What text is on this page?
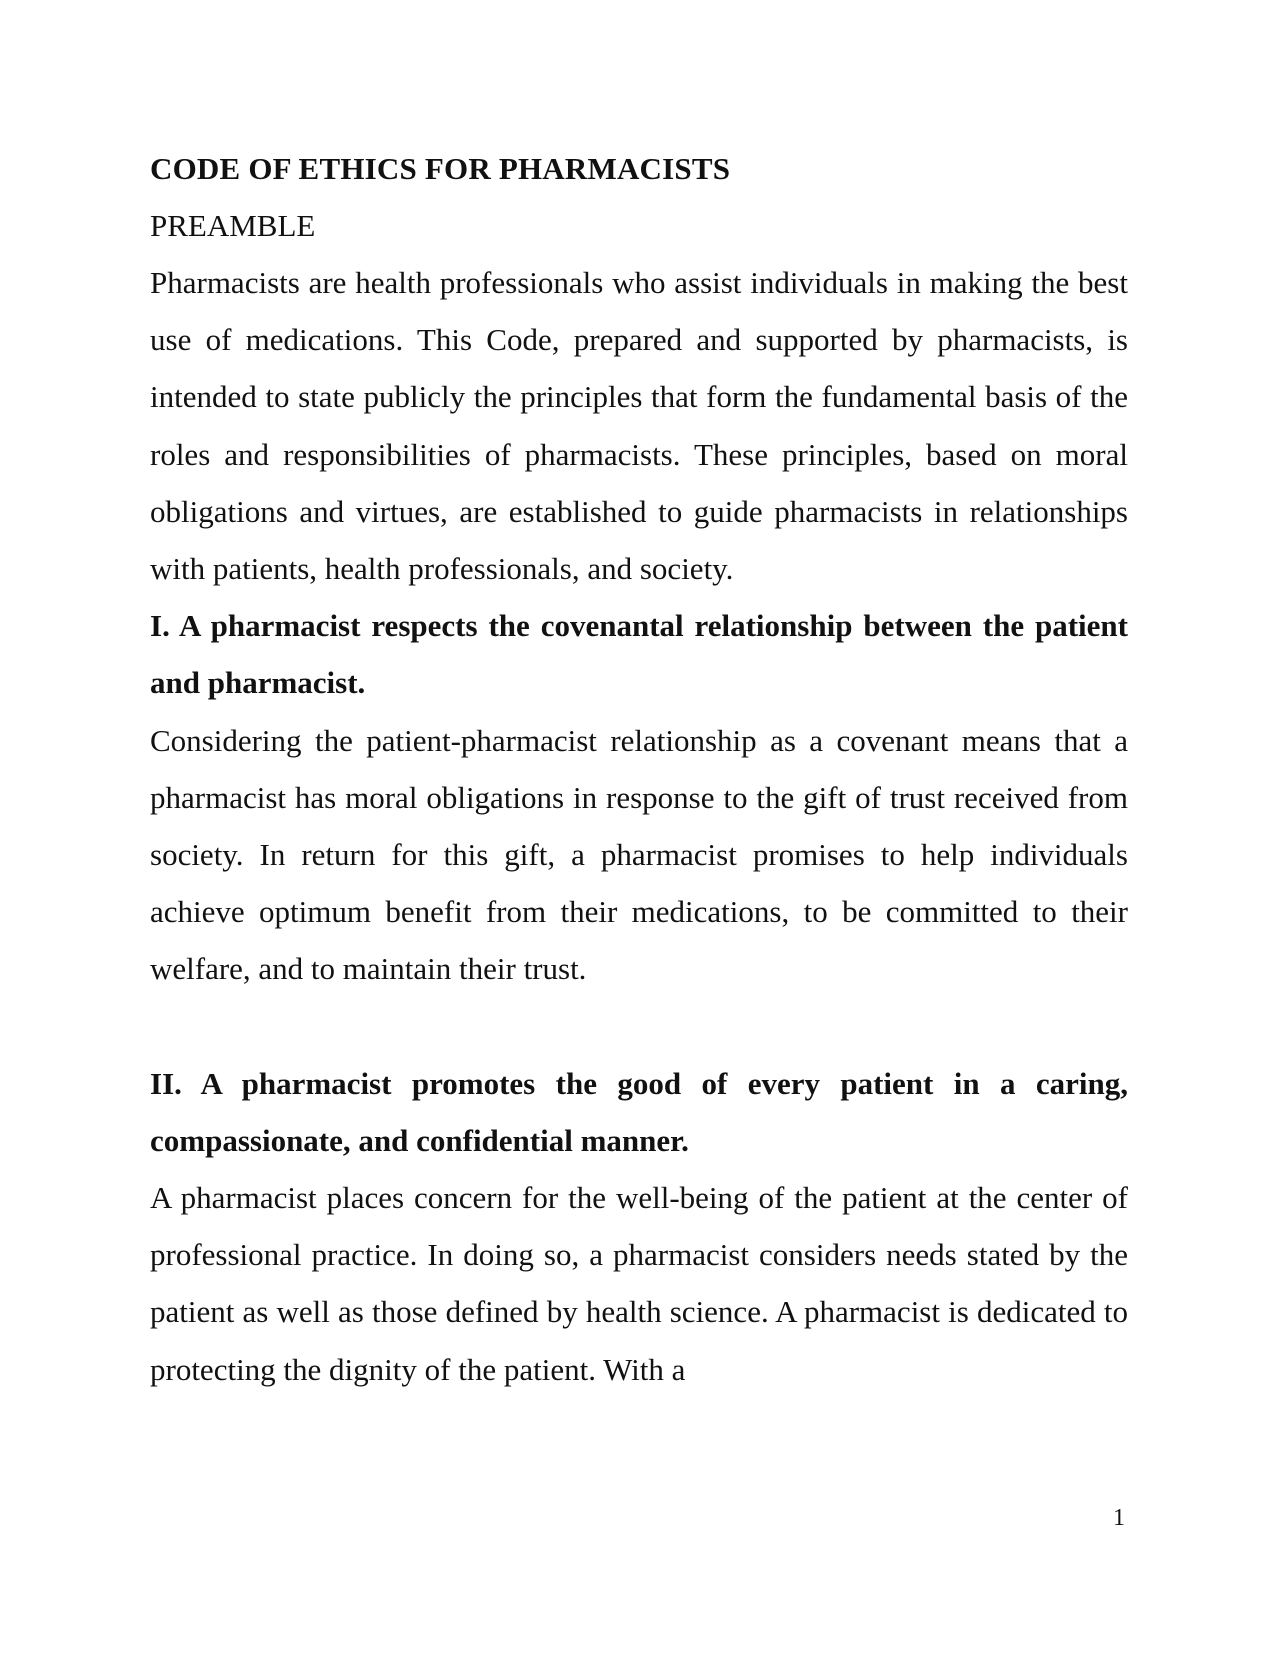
CODE OF ETHICS FOR PHARMACISTS

PREAMBLE

Pharmacists are health professionals who assist individuals in making the best use of medications. This Code, prepared and supported by pharmacists, is intended to state publicly the principles that form the fundamental basis of the roles and responsibilities of pharmacists. These principles, based on moral obligations and virtues, are established to guide pharmacists in relationships with patients, health professionals, and society.

I. A pharmacist respects the covenantal relationship between the patient and pharmacist.

Considering the patient-pharmacist relationship as a covenant means that a pharmacist has moral obligations in response to the gift of trust received from society. In return for this gift, a pharmacist promises to help individuals achieve optimum benefit from their medications, to be committed to their welfare, and to maintain their trust.

II. A pharmacist promotes the good of every patient in a caring, compassionate, and confidential manner.

A pharmacist places concern for the well-being of the patient at the center of professional practice. In doing so, a pharmacist considers needs stated by the patient as well as those defined by health science. A pharmacist is dedicated to protecting the dignity of the patient. With a

1
